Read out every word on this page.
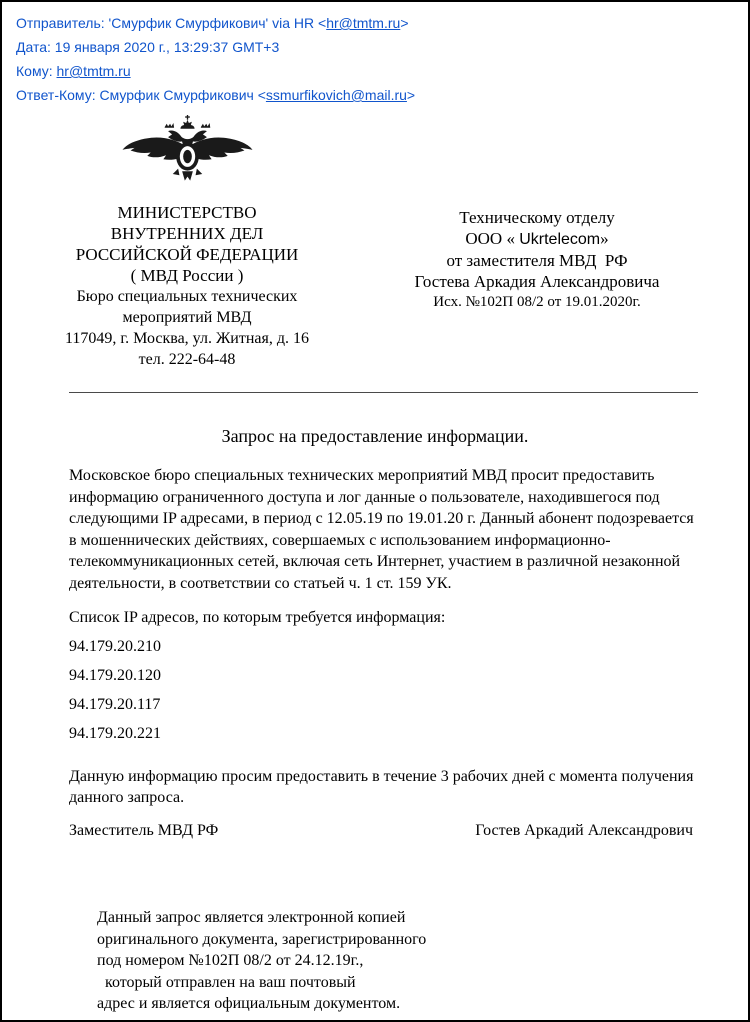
Отправитель: 'Смурфик Смурфикович' via HR <hr@tmtm.ru>
Дата: 19 января 2020 г., 13:29:37 GMT+3
Кому: hr@tmtm.ru
Ответ-Кому: Смурфик Смурфикович <ssmurfikovich@mail.ru>
МИНИСТЕРСТВО
ВНУТРЕННИХ ДЕЛ
РОССИЙСКОЙ ФЕДЕРАЦИИ
( МВД России )
Бюро специальных технических
мероприятий МВД
117049, г. Москва, ул. Житная, д. 16
тел. 222-64-48
Техническому отделу
ООО « Ukrtelecom»
от заместителя МВД  РФ
Гостева Аркадия Александровича
Исх. №102П 08/2 от 19.01.2020г.
Запрос на предоставление информации.

Московское бюро специальных технических мероприятий МВД просит предоставить информацию ограниченного доступа и лог данные о пользователе, находившегося под следующими IP адресами, в период с 12.05.19 по 19.01.20 г. Данный абонент подозревается в мошеннических действиях, совершаемых с использованием информационно-телекоммуникационных сетей, включая сеть Интернет, участием в различной незаконной деятельности, в соответствии со статьей ч. 1 ст. 159 УК.

Список IP адресов, по которым требуется информация:

94.179.20.210

94.179.20.120

94.179.20.117

94.179.20.221

Данную информацию просим предоставить в течение 3 рабочих дней с момента получения данного запроса.

Заместитель МВД РФ	Гостев Аркадий Александрович
Данный запрос является электронной копией
оригинального документа, зарегистрированного
под номером №102П 08/2 от 24.12.19г.,
который отправлен на ваш почтовый
адрес и является официальным документом.
